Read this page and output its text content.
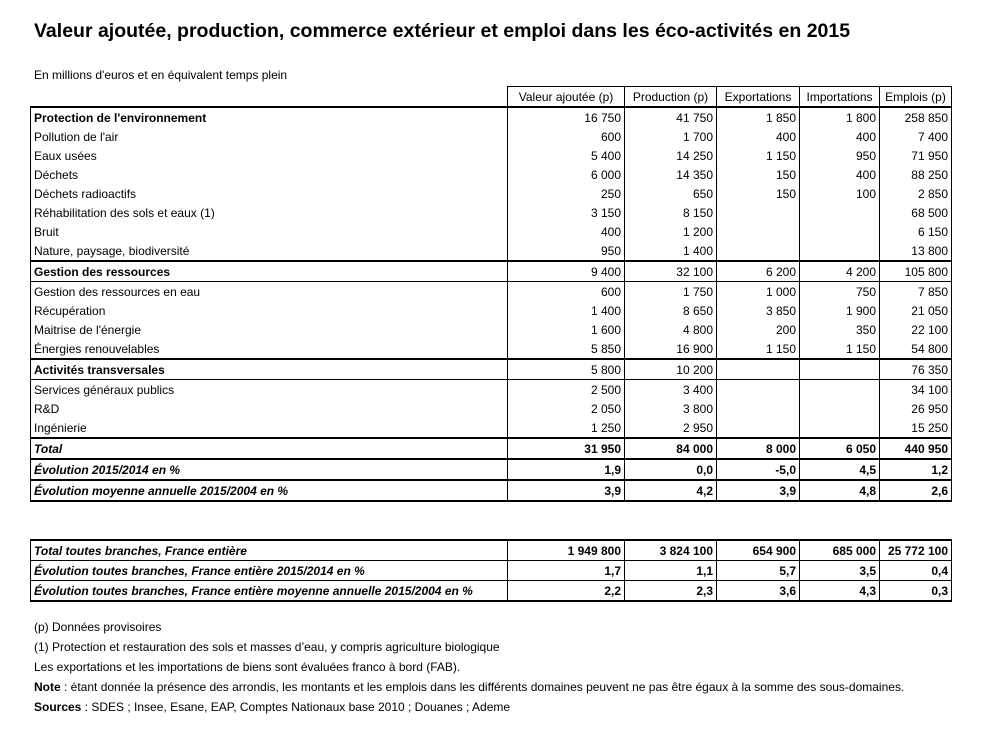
Valeur ajoutée, production, commerce extérieur et emploi dans les éco-activités en 2015
En millions d'euros et en équivalent temps plein
	Valeur ajoutée (p)	Production (p)	Exportations	Importations	Emplois (p)
Protection de l'environnement	16 750	41 750	1 850	1 800	258 850
Pollution de l'air	600	1 700	400	400	7 400
Eaux usées	5 400	14 250	1 150	950	71 950
Déchets	6 000	14 350	150	400	88 250
Déchets radioactifs	250	650	150	100	2 850
Réhabilitation des sols et eaux (1)	3 150	8 150			68 500
Bruit	400	1 200			6 150
Nature, paysage, biodiversité	950	1 400			13 800
Gestion des ressources	9 400	32 100	6 200	4 200	105 800
Gestion des ressources en eau	600	1 750	1 000	750	7 850
Récupération	1 400	8 650	3 850	1 900	21 050
Maitrise de l'énergie	1 600	4 800	200	350	22 100
Énergies renouvelables	5 850	16 900	1 150	1 150	54 800
Activités transversales	5 800	10 200			76 350
Services généraux publics	2 500	3 400			34 100
R&D	2 050	3 800			26 950
Ingénierie	1 250	2 950			15 250
Total	31 950	84 000	8 000	6 050	440 950
Évolution 2015/2014 en %	1,9	0,0	-5,0	4,5	1,2
Évolution moyenne annuelle 2015/2004 en %	3,9	4,2	3,9	4,8	2,6
Total toutes branches, France entière	1 949 800	3 824 100	654 900	685 000	25 772 100
Évolution toutes branches, France entière 2015/2014 en %	1,7	1,1	5,7	3,5	0,4
Évolution toutes branches, France entière moyenne annuelle 2015/2004 en %	2,2	2,3	3,6	4,3	0,3
(p) Données provisoires
(1) Protection et restauration des sols et masses d’eau, y compris agriculture biologique
Les exportations et les importations de biens sont évaluées franco à bord (FAB).
Note : étant donnée la présence des arrondis, les montants et les emplois dans les différents domaines peuvent ne pas être égaux à la somme des sous-domaines.
Sources : SDES ; Insee, Esane, EAP, Comptes Nationaux base 2010 ; Douanes ; Ademe
